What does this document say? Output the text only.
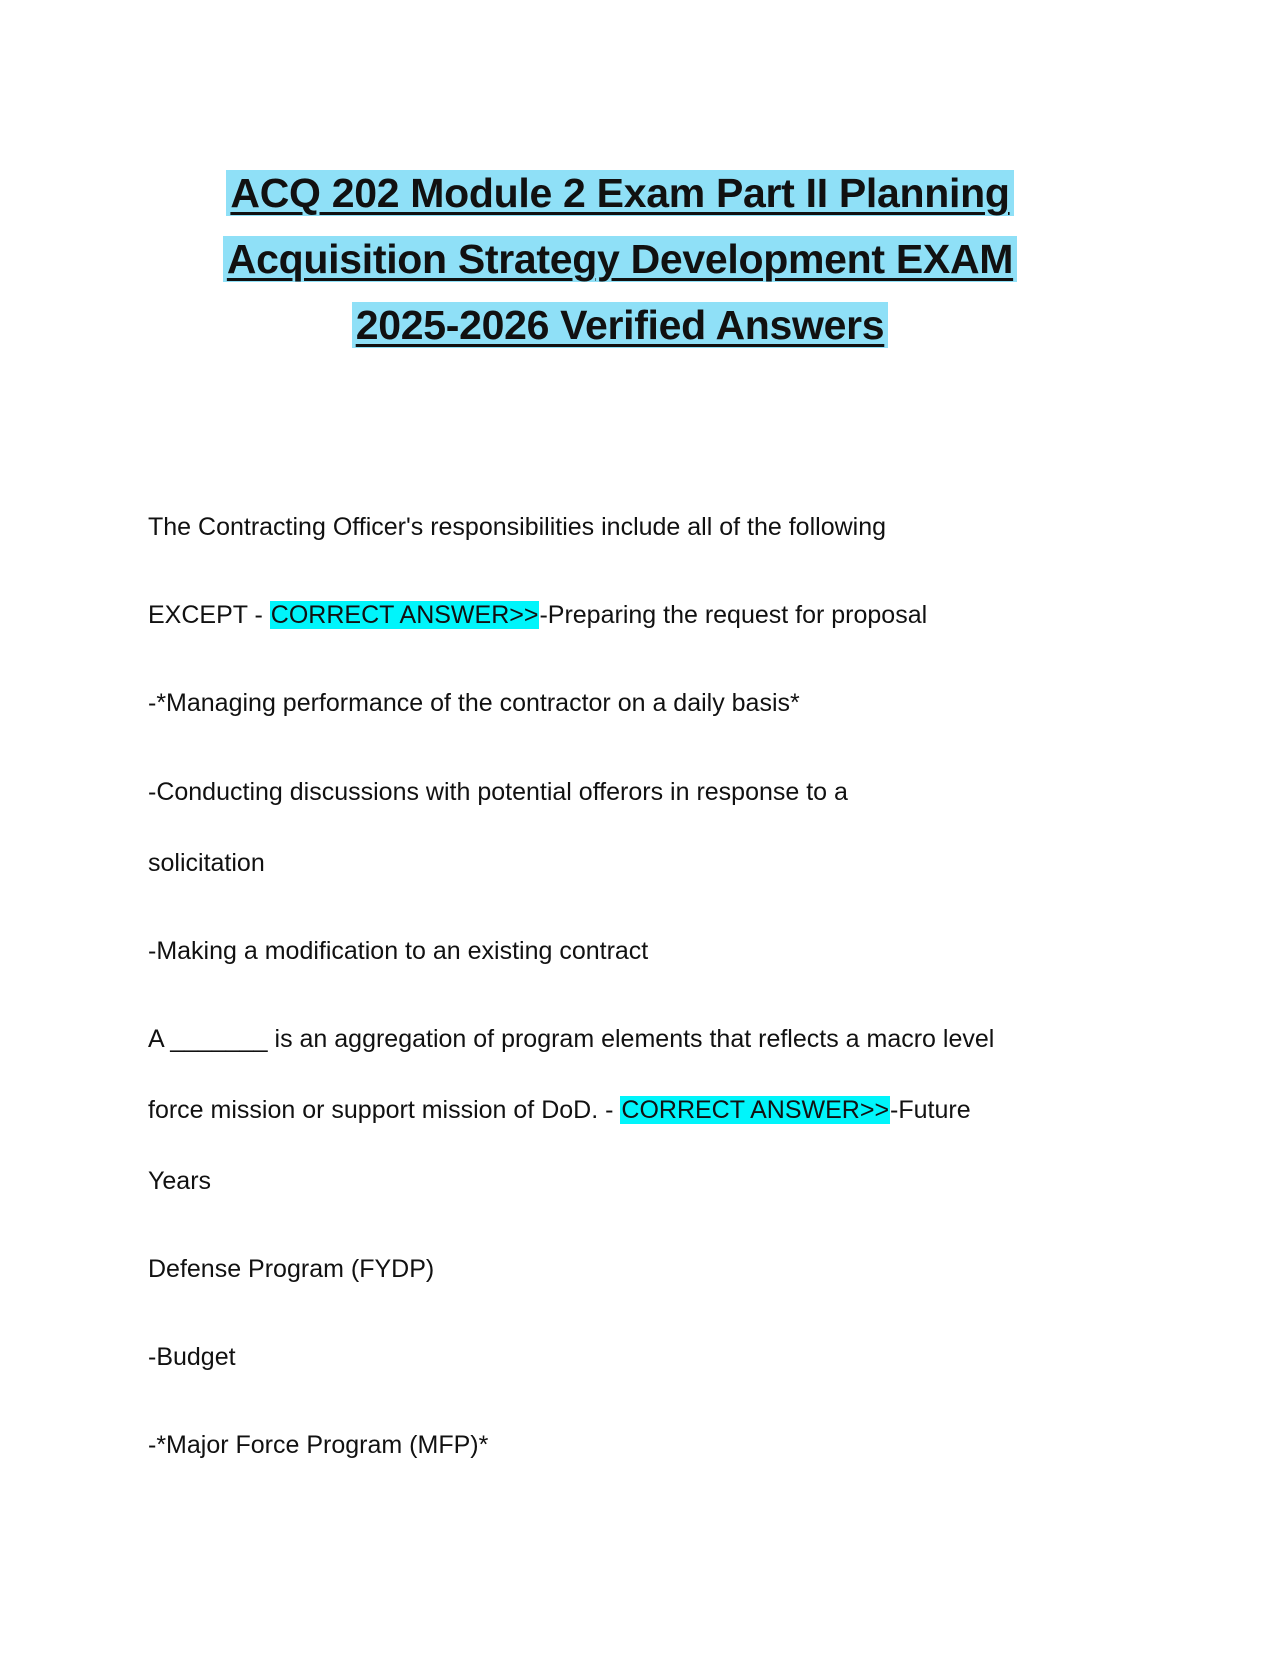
ACQ 202 Module 2 Exam Part II Planning
Acquisition Strategy Development EXAM
2025-2026 Verified Answers
The Contracting Officer's responsibilities include all of the following
EXCEPT - CORRECT ANSWER>>-Preparing the request for proposal
-*Managing performance of the contractor on a daily basis*
-Conducting discussions with potential offerors in response to a
solicitation
-Making a modification to an existing contract
A _______ is an aggregation of program elements that reflects a macro level
force mission or support mission of DoD. - CORRECT ANSWER>>-Future
Years
Defense Program (FYDP)
-Budget
-*Major Force Program (MFP)*
